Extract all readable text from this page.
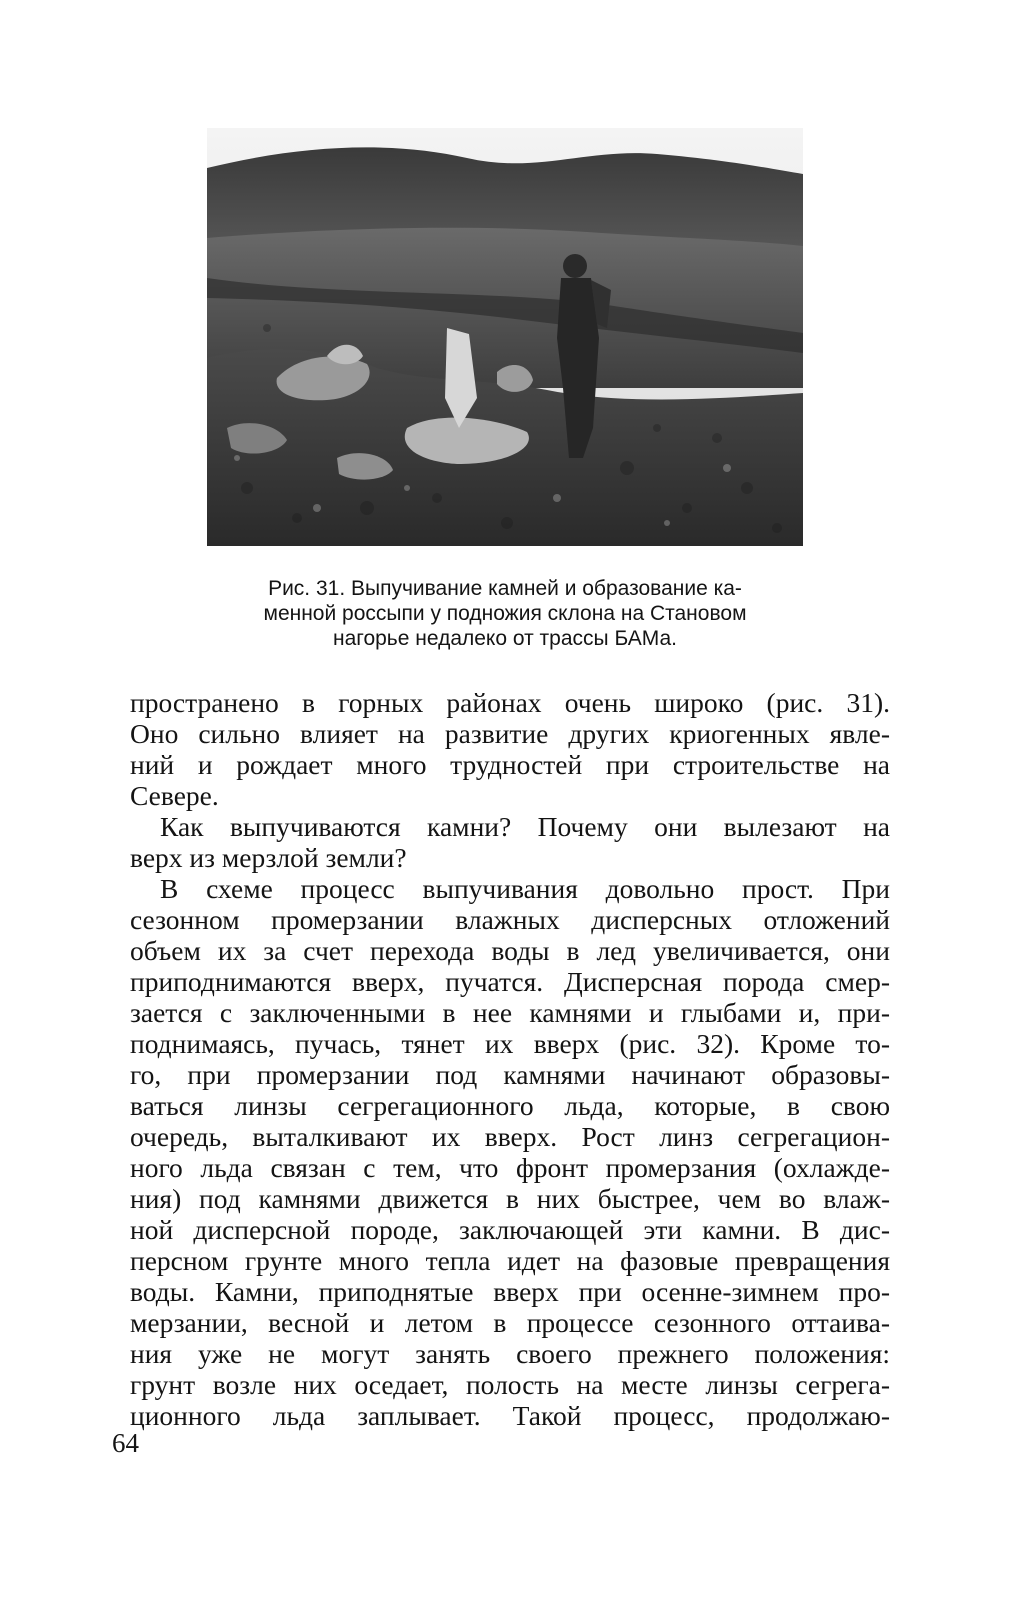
Рис. 31. Выпучивание камней и образование ка-
менной россыпи у подножия склона на Становом
нагорье недалеко от трассы БАМа.
пространено в горных районах очень широко (рис. 31).
Оно сильно влияет на развитие других криогенных явле-
ний и рождает много трудностей при строительстве на
Севере.
Как выпучиваются камни? Почему они вылезают на
верх из мерзлой земли?
В схеме процесс выпучивания довольно прост. При
сезонном промерзании влажных дисперсных отложений
объем их за счет перехода воды в лед увеличивается, они
приподнимаются вверх, пучатся. Дисперсная порода смер-
зается с заключенными в нее камнями и глыбами и, при-
поднимаясь, пучась, тянет их вверх (рис. 32). Кроме то-
го, при промерзании под камнями начинают образовы-
ваться линзы сегрегационного льда, которые, в свою
очередь, выталкивают их вверх. Рост линз сегрегацион-
ного льда связан с тем, что фронт промерзания (охлажде-
ния) под камнями движется в них быстрее, чем во влаж-
ной дисперсной породе, заключающей эти камни. В дис-
персном грунте много тепла идет на фазовые превращения
воды. Камни, приподнятые вверх при осенне-зимнем про-
мерзании, весной и летом в процессе сезонного оттаива-
ния уже не могут занять своего прежнего положения:
грунт возле них оседает, полость на месте линзы сегрега-
ционного льда заплывает. Такой процесс, продолжаю-
64
